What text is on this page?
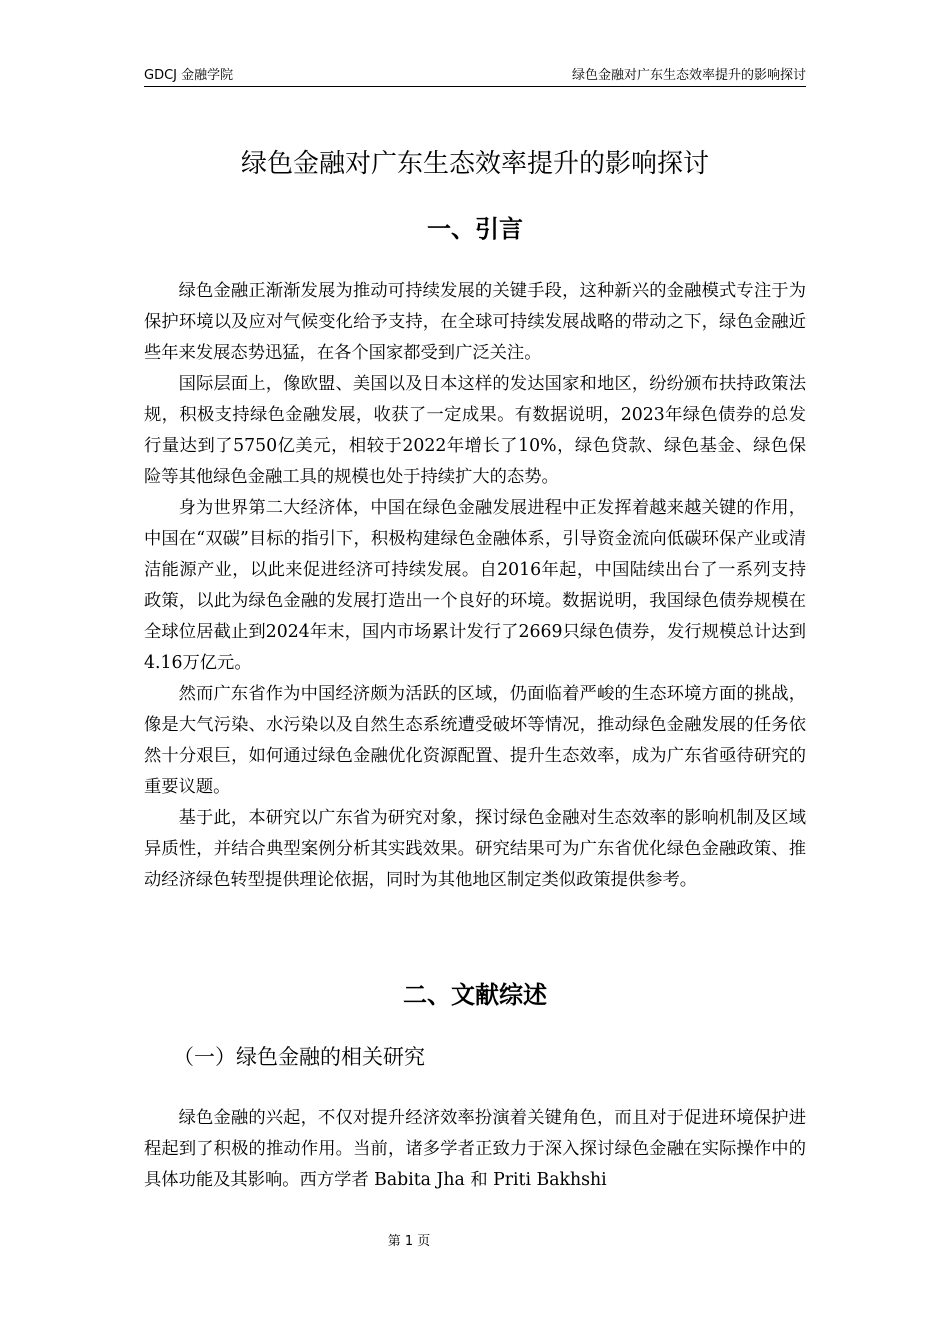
GDCJ 金融学院	绿色金融对广东生态效率提升的影响探讨
绿色金融对广东生态效率提升的影响探讨
一、引言

绿色金融正渐渐发展为推动可持续发展的关键手段，这种新兴的金融模式专注于为保护环境以及应对气候变化给予支持，在全球可持续发展战略的带动之下，绿色金融近些年来发展态势迅猛，在各个国家都受到广泛关注。

国际层面上，像欧盟、美国以及日本这样的发达国家和地区，纷纷颁布扶持政策法规，积极支持绿色金融发展，收获了一定成果。有数据说明，2023年绿色债券的总发行量达到了5750亿美元，相较于2022年增长了10%，绿色贷款、绿色基金、绿色保险等其他绿色金融工具的规模也处于持续扩大的态势。

身为世界第二大经济体，中国在绿色金融发展进程中正发挥着越来越关键的作用，中国在“双碳”目标的指引下，积极构建绿色金融体系，引导资金流向低碳环保产业或清洁能源产业，以此来促进经济可持续发展。自2016年起，中国陆续出台了一系列支持政策，以此为绿色金融的发展打造出一个良好的环境。数据说明，我国绿色债券规模在全球位居截止到2024年末，国内市场累计发行了2669只绿色债券，发行规模总计达到4.16万亿元。

然而广东省作为中国经济颇为活跃的区域，仍面临着严峻的生态环境方面的挑战，像是大气污染、水污染以及自然生态系统遭受破坏等情况，推动绿色金融发展的任务依然十分艰巨，如何通过绿色金融优化资源配置、提升生态效率，成为广东省亟待研究的重要议题。

基于此，本研究以广东省为研究对象，探讨绿色金融对生态效率的影响机制及区域异质性，并结合典型案例分析其实践效果。研究结果可为广东省优化绿色金融政策、推动经济绿色转型提供理论依据，同时为其他地区制定类似政策提供参考。

二、文献综述
（一）绿色金融的相关研究

绿色金融的兴起，不仅对提升经济效率扮演着关键角色，而且对于促进环境保护进程起到了积极的推动作用。当前，诸多学者正致力于深入探讨绿色金融在实际操作中的具体功能及其影响。西方学者 Babita Jha 和 Priti Bakhshi

第 1 页
